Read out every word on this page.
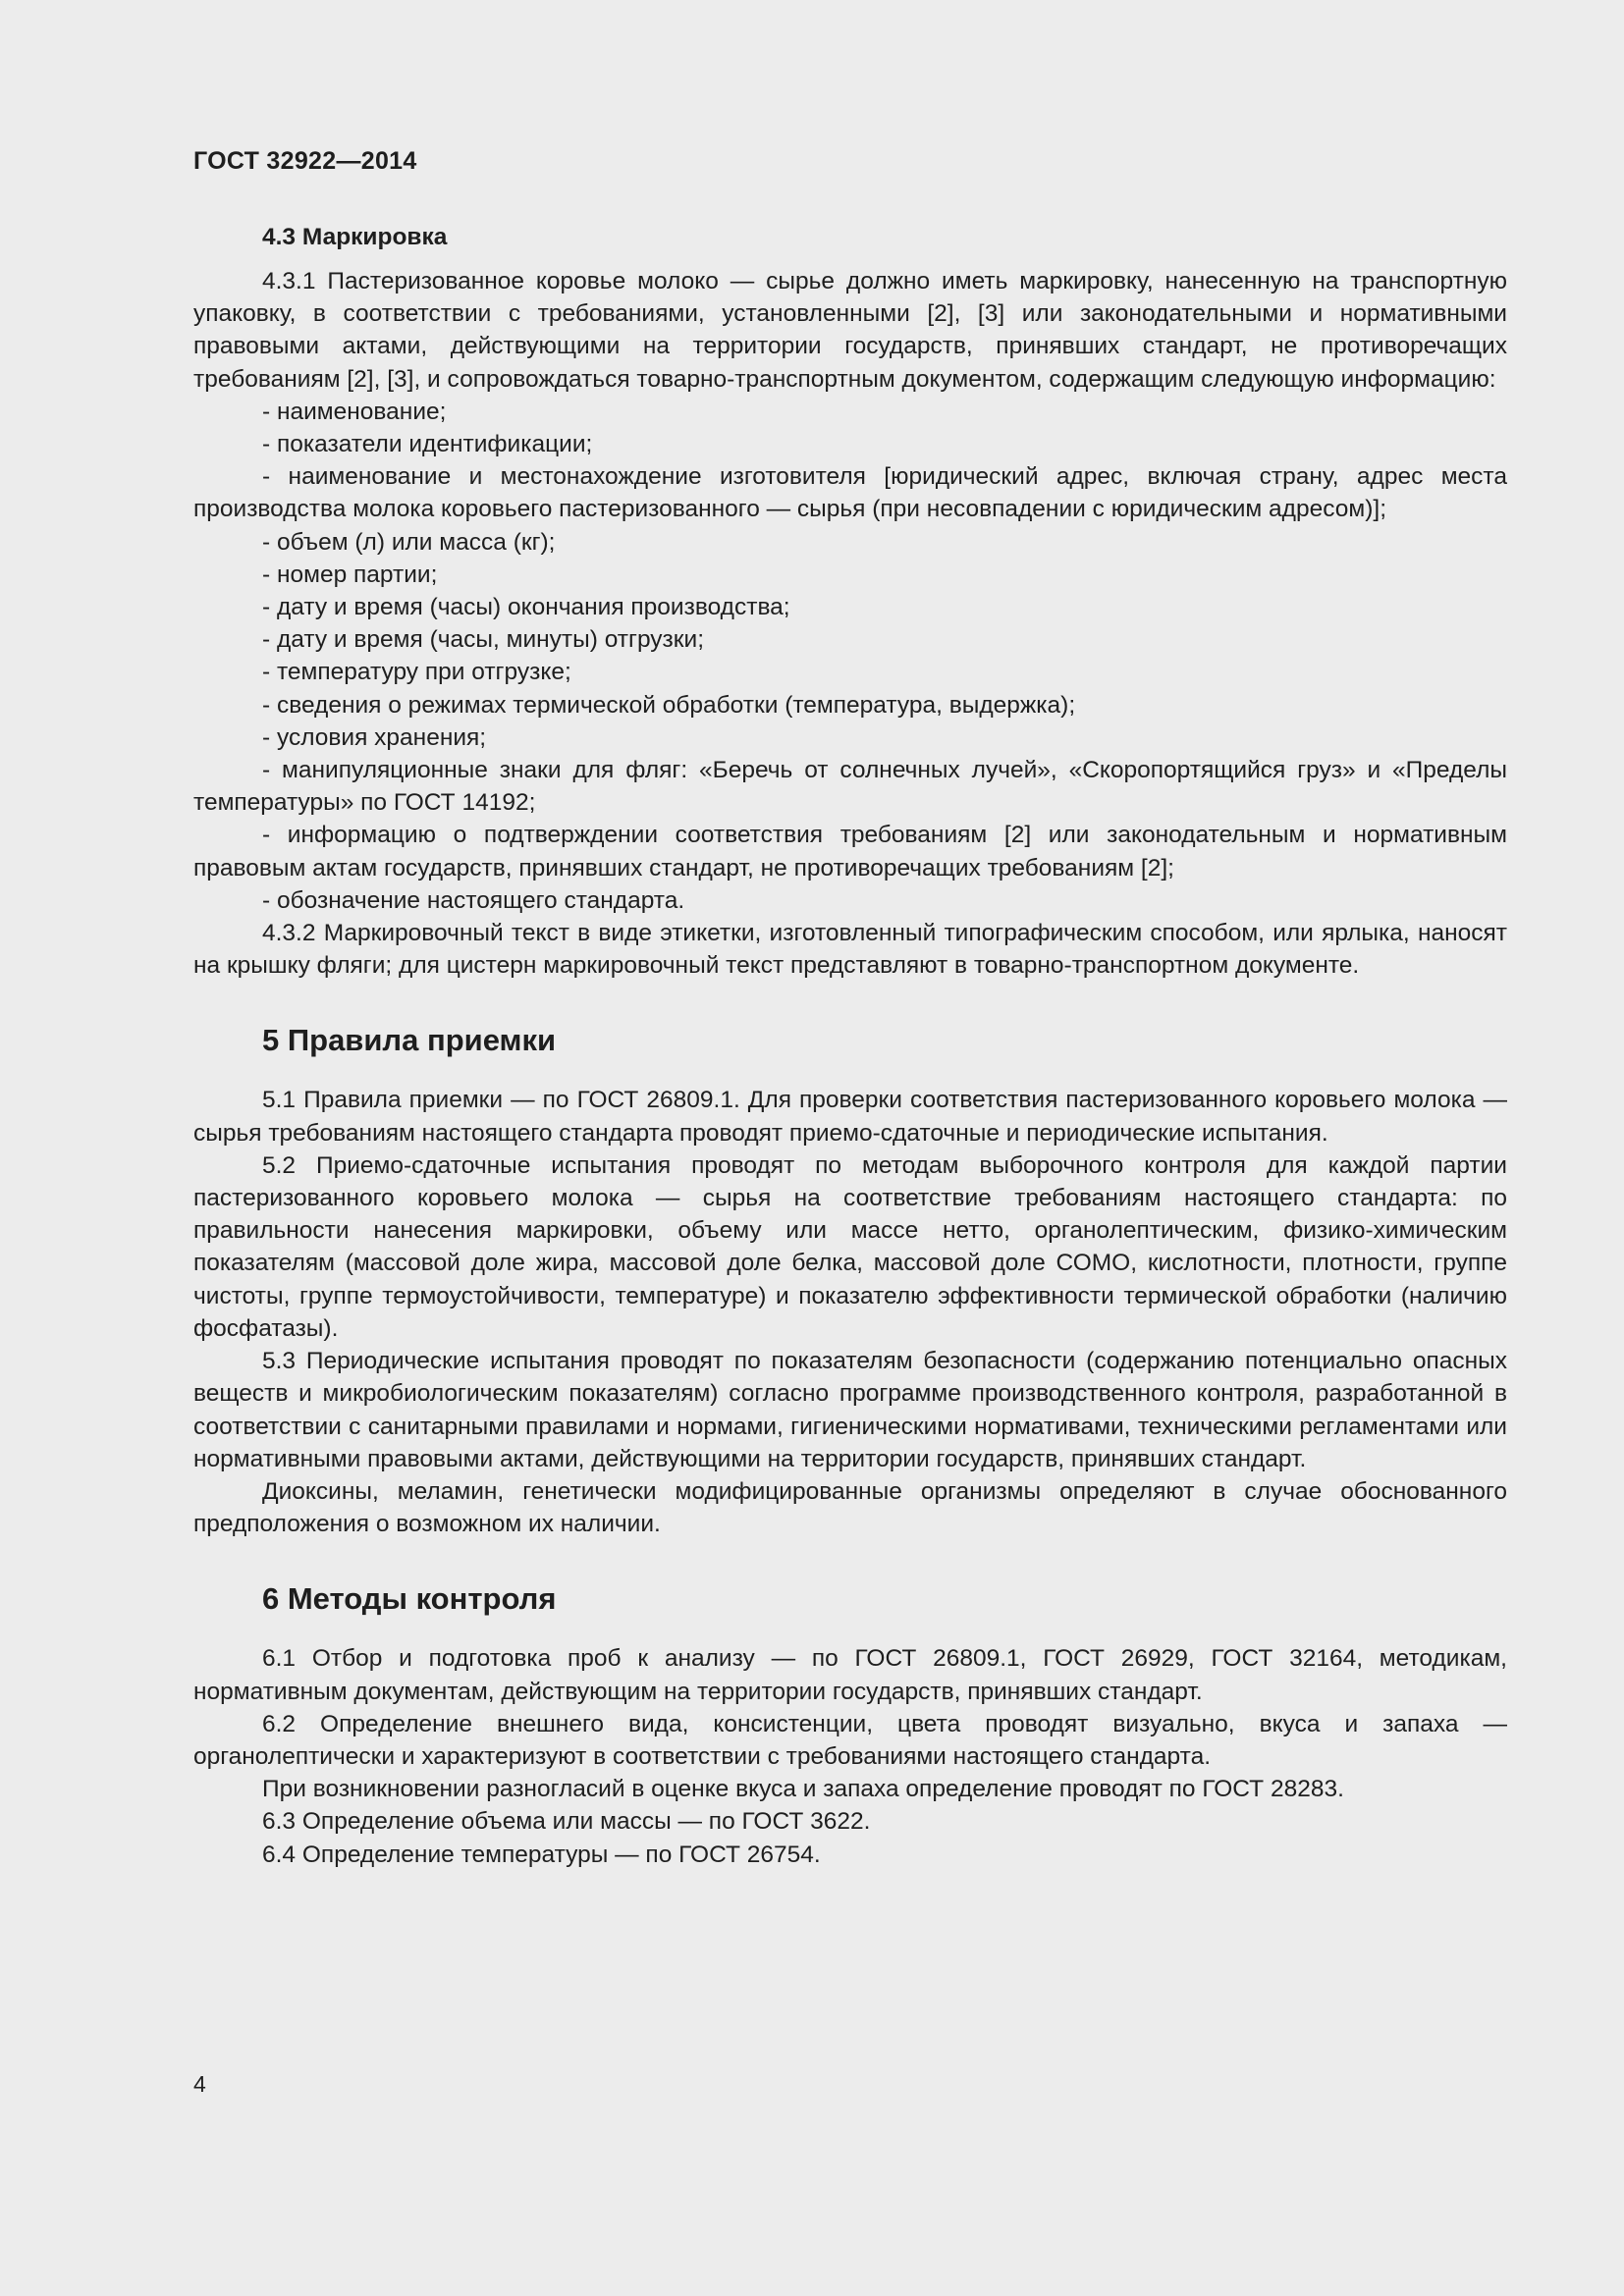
ГОСТ 32922—2014
4.3 Маркировка

4.3.1 Пастеризованное коровье молоко — сырье должно иметь маркировку, нанесенную на транспортную упаковку, в соответствии с требованиями, установленными [2], [3] или законодательными и нормативными правовыми актами, действующими на территории государств, принявших стандарт, не противоречащих требованиям [2], [3], и сопровождаться товарно-транспортным документом, содержащим следующую информацию:

- наименование;

- показатели идентификации;

- наименование и местонахождение изготовителя [юридический адрес, включая страну, адрес места производства молока коровьего пастеризованного — сырья (при несовпадении с юридическим адресом)];

- объем (л) или масса (кг);

- номер партии;

- дату и время (часы) окончания производства;

- дату и время (часы, минуты) отгрузки;

- температуру при отгрузке;

- сведения о режимах термической обработки (температура, выдержка);

- условия хранения;

- манипуляционные знаки для фляг: «Беречь от солнечных лучей», «Скоропортящийся груз» и «Пределы температуры» по ГОСТ 14192;

- информацию о подтверждении соответствия требованиям [2] или законодательным и нормативным правовым актам государств, принявших стандарт, не противоречащих требованиям [2];

- обозначение настоящего стандарта.

4.3.2 Маркировочный текст в виде этикетки, изготовленный типографическим способом, или ярлыка, наносят на крышку фляги; для цистерн маркировочный текст представляют в товарно-транспортном документе.

5 Правила приемки

5.1 Правила приемки — по ГОСТ 26809.1. Для проверки соответствия пастеризованного коровьего молока — сырья требованиям настоящего стандарта проводят приемо-сдаточные и периодические испытания.

5.2 Приемо-сдаточные испытания проводят по методам выборочного контроля для каждой партии пастеризованного коровьего молока — сырья на соответствие требованиям настоящего стандарта: по правильности нанесения маркировки, объему или массе нетто, органолептическим, физико-химическим показателям (массовой доле жира, массовой доле белка, массовой доле СОМО, кислотности, плотности, группе чистоты, группе термоустойчивости, температуре) и показателю эффективности термической обработки (наличию фосфатазы).

5.3 Периодические испытания проводят по показателям безопасности (содержанию потенциально опасных веществ и микробиологическим показателям) согласно программе производственного контроля, разработанной в соответствии с санитарными правилами и нормами, гигиеническими нормативами, техническими регламентами или нормативными правовыми актами, действующими на территории государств, принявших стандарт.

Диоксины, меламин, генетически модифицированные организмы определяют в случае обоснованного предположения о возможном их наличии.

6 Методы контроля

6.1 Отбор и подготовка проб к анализу — по ГОСТ 26809.1, ГОСТ 26929, ГОСТ 32164, методикам, нормативным документам, действующим на территории государств, принявших стандарт.

6.2 Определение внешнего вида, консистенции, цвета проводят визуально, вкуса и запаха — органолептически и характеризуют в соответствии с требованиями настоящего стандарта.

При возникновении разногласий в оценке вкуса и запаха определение проводят по ГОСТ 28283.

6.3 Определение объема или массы — по ГОСТ 3622.

6.4 Определение температуры — по ГОСТ 26754.

4
